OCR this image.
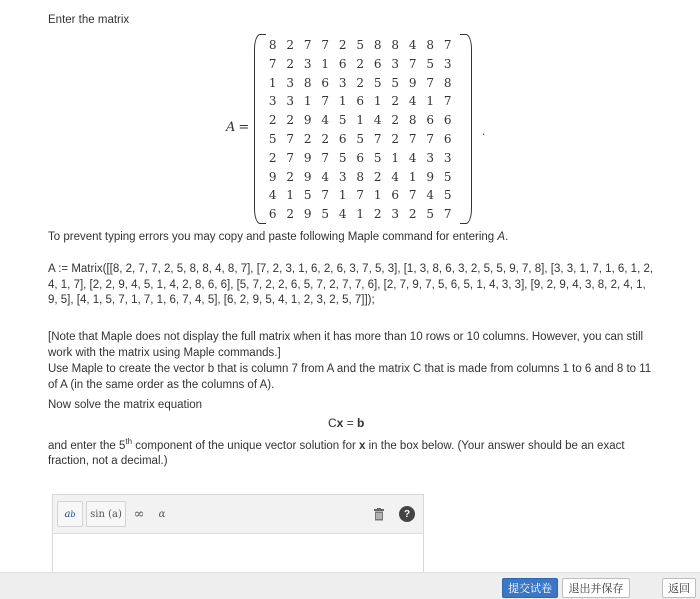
Enter the matrix
A =
8 2 7 7 2 5 8 8 4 8 7
7 2 3 1 6 2 6 3 7 5 3
1 3 8 6 3 2 5 5 9 7 8
3 3 1 7 1 6 1 2 4 1 7
2 2 9 4 5 1 4 2 8 6 6
5 7 2 2 6 5 7 2 7 7 6
2 7 9 7 5 6 5 1 4 3 3
9 2 9 4 3 8 2 4 1 9 5
4 1 5 7 1 7 1 6 7 4 5
6 2 9 5 4 1 2 3 2 5 7
.
To prevent typing errors you may copy and paste following Maple command for entering A.
A := Matrix([[8, 2, 7, 7, 2, 5, 8, 8, 4, 8, 7], [7, 2, 3, 1, 6, 2, 6, 3, 7, 5, 3], [1, 3, 8, 6, 3, 2, 5, 5, 9, 7, 8], [3, 3, 1, 7, 1, 6, 1, 2, 4, 1, 7], [2, 2, 9, 4, 5, 1, 4, 2, 8, 6, 6], [5, 7, 2, 2, 6, 5, 7, 2, 7, 7, 6], [2, 7, 9, 7, 5, 6, 5, 1, 4, 3, 3], [9, 2, 9, 4, 3, 8, 2, 4, 1, 9, 5], [4, 1, 5, 7, 1, 7, 1, 6, 7, 4, 5], [6, 2, 9, 5, 4, 1, 2, 3, 2, 5, 7]]);
[Note that Maple does not display the full matrix when it has more than 10 rows or 10 columns. However, you can still work with the matrix using Maple commands.]
Use Maple to create the vector b that is column 7 from A and the matrix C that is made from columns 1 to 6 and 8 to 11 of A (in the same order as the columns of A).
Now solve the matrix equation
Cx = b
and enter the 5th component of the unique vector solution for x in the box below. (Your answer should be an exact fraction, not a decimal.)
a b	sin (a) ∞	α	?
提交试卷	退出并保存	返回
